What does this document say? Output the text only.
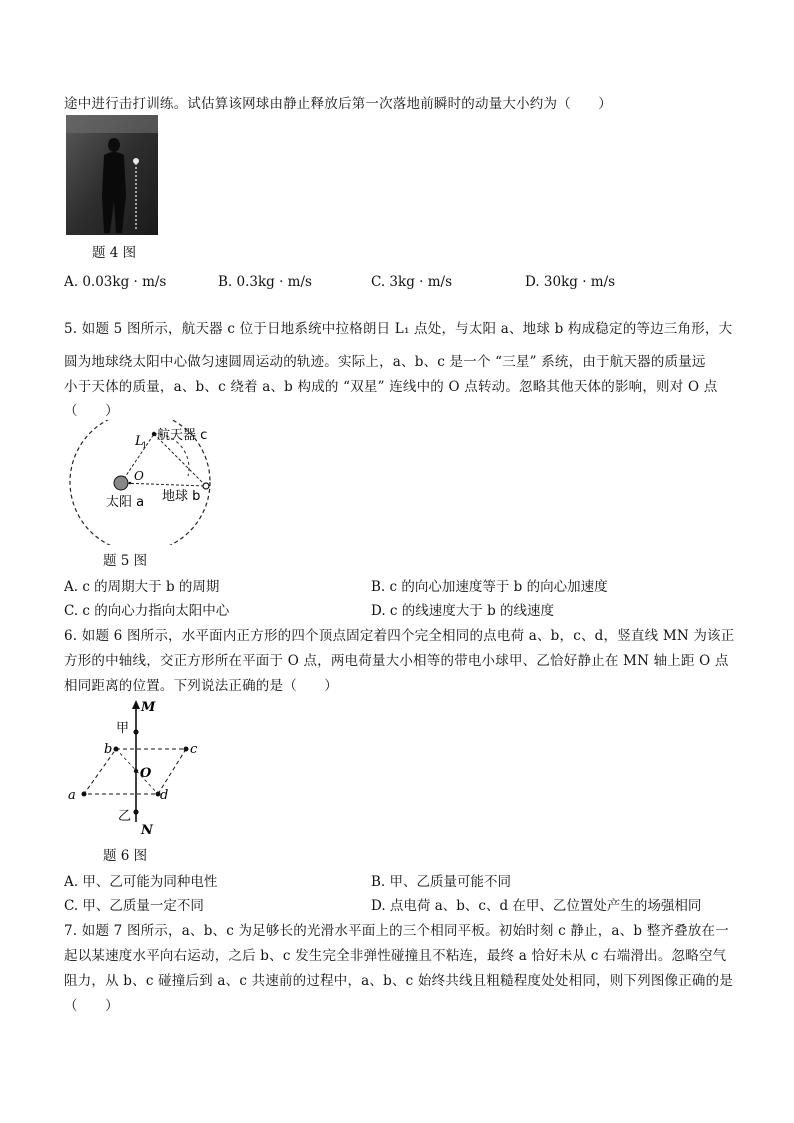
途中进行击打训练。试估算该网球由静止释放后第一次落地前瞬时的动量大小约为（　　）
题 4 图
A. 0.03kg · m/s	B. 0.3kg · m/s	C. 3kg · m/s	D. 30kg · m/s
5. 如题 5 图所示，航天器 c 位于日地系统中拉格朗日 L₁ 点处，与太阳 a、地球 b 构成稳定的等边三角形，大
圆为地球绕太阳中心做匀速圆周运动的轨迹。实际上，a、b、c 是一个 “三星” 系统，由于航天器的质量远
小于天体的质量，a、b、c 绕着 a、b 构成的 “双星” 连线中的 O 点转动。忽略其他天体的影响，则对 O 点
（　　）
L
1
航天器 c
O
太阳 a 地球 b
题 5 图
A. c 的周期大于 b 的周期	B. c 的向心加速度等于 b 的向心加速度
C. c 的向心力指向太阳中心	D. c 的线速度大于 b 的线速度
6. 如题 6 图所示，水平面内正方形的四个顶点固定着四个完全相同的点电荷 a、b，c、d，竖直线 MN 为该正
方形的中轴线，交正方形所在平面于 O 点，两电荷量大小相等的带电小球甲、乙恰好静止在 MN 轴上距 O 点
相同距离的位置。下列说法正确的是（　　）
M
甲
b	c
O
a	d
乙
N
题 6 图
A. 甲、乙可能为同种电性	B. 甲、乙质量可能不同
C. 甲、乙质量一定不同	D. 点电荷 a、b、c、d 在甲、乙位置处产生的场强相同
7. 如题 7 图所示，a、b、c 为足够长的光滑水平面上的三个相同平板。初始时刻 c 静止，a、b 整齐叠放在一
起以某速度水平向右运动，之后 b、c 发生完全非弹性碰撞且不粘连，最终 a 恰好未从 c 右端滑出。忽略空气
阻力，从 b、c 碰撞后到 a、c 共速前的过程中，a、b、c 始终共线且粗糙程度处处相同，则下列图像正确的是
（　　）
